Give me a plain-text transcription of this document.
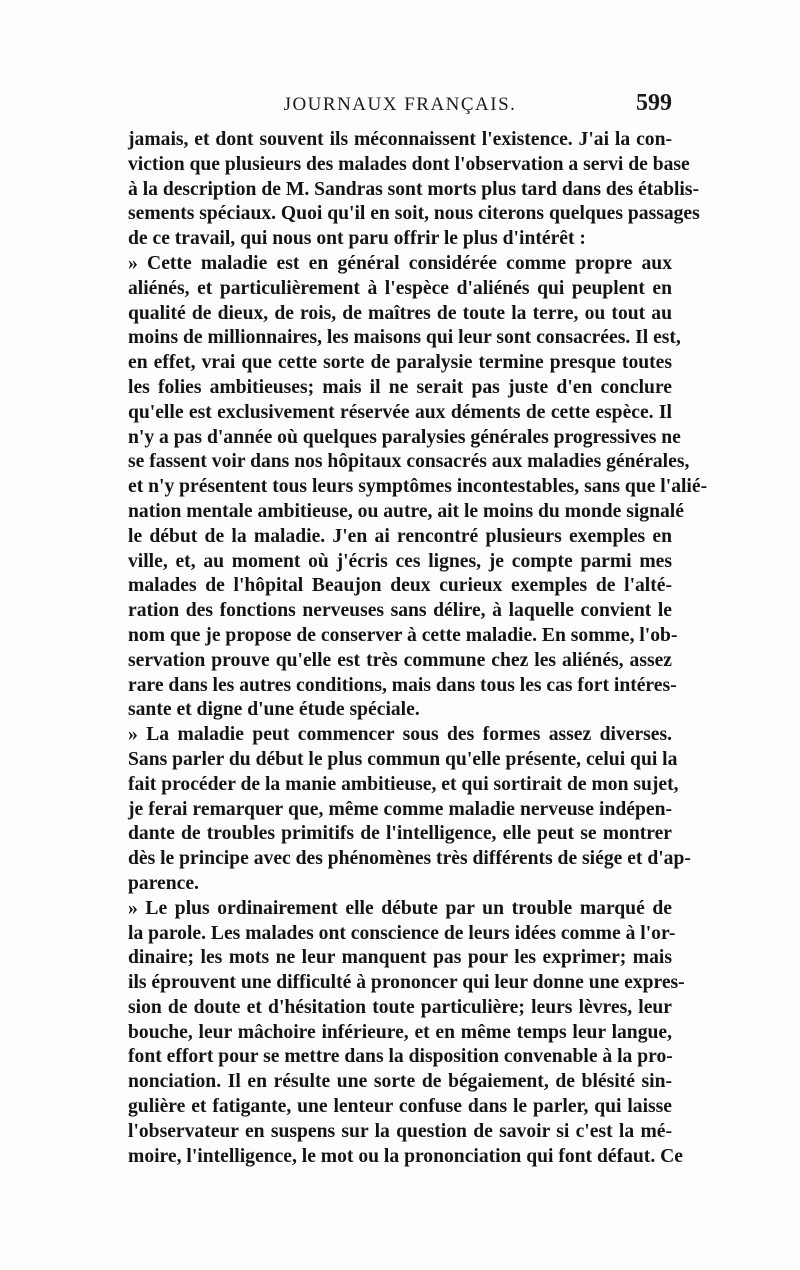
JOURNAUX FRANÇAIS.	599

jamais, et dont souvent ils méconnaissent l'existence. J'ai la con-
viction que plusieurs des malades dont l'observation a servi de base
à la description de M. Sandras sont morts plus tard dans des établis-
sements spéciaux. Quoi qu'il en soit, nous citerons quelques passages
de ce travail, qui nous ont paru offrir le plus d'intérêt :

» Cette maladie est en général considérée comme propre aux
aliénés, et particulièrement à l'espèce d'aliénés qui peuplent en
qualité de dieux, de rois, de maîtres de toute la terre, ou tout au
moins de millionnaires, les maisons qui leur sont consacrées. Il est,
en effet, vrai que cette sorte de paralysie termine presque toutes
les folies ambitieuses; mais il ne serait pas juste d'en conclure
qu'elle est exclusivement réservée aux déments de cette espèce. Il
n'y a pas d'année où quelques paralysies générales progressives ne
se fassent voir dans nos hôpitaux consacrés aux maladies générales,
et n'y présentent tous leurs symptômes incontestables, sans que l'alié-
nation mentale ambitieuse, ou autre, ait le moins du monde signalé
le début de la maladie. J'en ai rencontré plusieurs exemples en
ville, et, au moment où j'écris ces lignes, je compte parmi mes
malades de l'hôpital Beaujon deux curieux exemples de l'alté-
ration des fonctions nerveuses sans délire, à laquelle convient le
nom que je propose de conserver à cette maladie. En somme, l'ob-
servation prouve qu'elle est très commune chez les aliénés, assez
rare dans les autres conditions, mais dans tous les cas fort intéres-
sante et digne d'une étude spéciale.

» La maladie peut commencer sous des formes assez diverses.
Sans parler du début le plus commun qu'elle présente, celui qui la
fait procéder de la manie ambitieuse, et qui sortirait de mon sujet,
je ferai remarquer que, même comme maladie nerveuse indépen-
dante de troubles primitifs de l'intelligence, elle peut se montrer
dès le principe avec des phénomènes très différents de siége et d'ap-
parence.

» Le plus ordinairement elle débute par un trouble marqué de
la parole. Les malades ont conscience de leurs idées comme à l'or-
dinaire; les mots ne leur manquent pas pour les exprimer; mais
ils éprouvent une difficulté à prononcer qui leur donne une expres-
sion de doute et d'hésitation toute particulière; leurs lèvres, leur
bouche, leur mâchoire inférieure, et en même temps leur langue,
font effort pour se mettre dans la disposition convenable à la pro-
nonciation. Il en résulte une sorte de bégaiement, de blésité sin-
gulière et fatigante, une lenteur confuse dans le parler, qui laisse
l'observateur en suspens sur la question de savoir si c'est la mé-
moire, l'intelligence, le mot ou la prononciation qui font défaut. Ce
